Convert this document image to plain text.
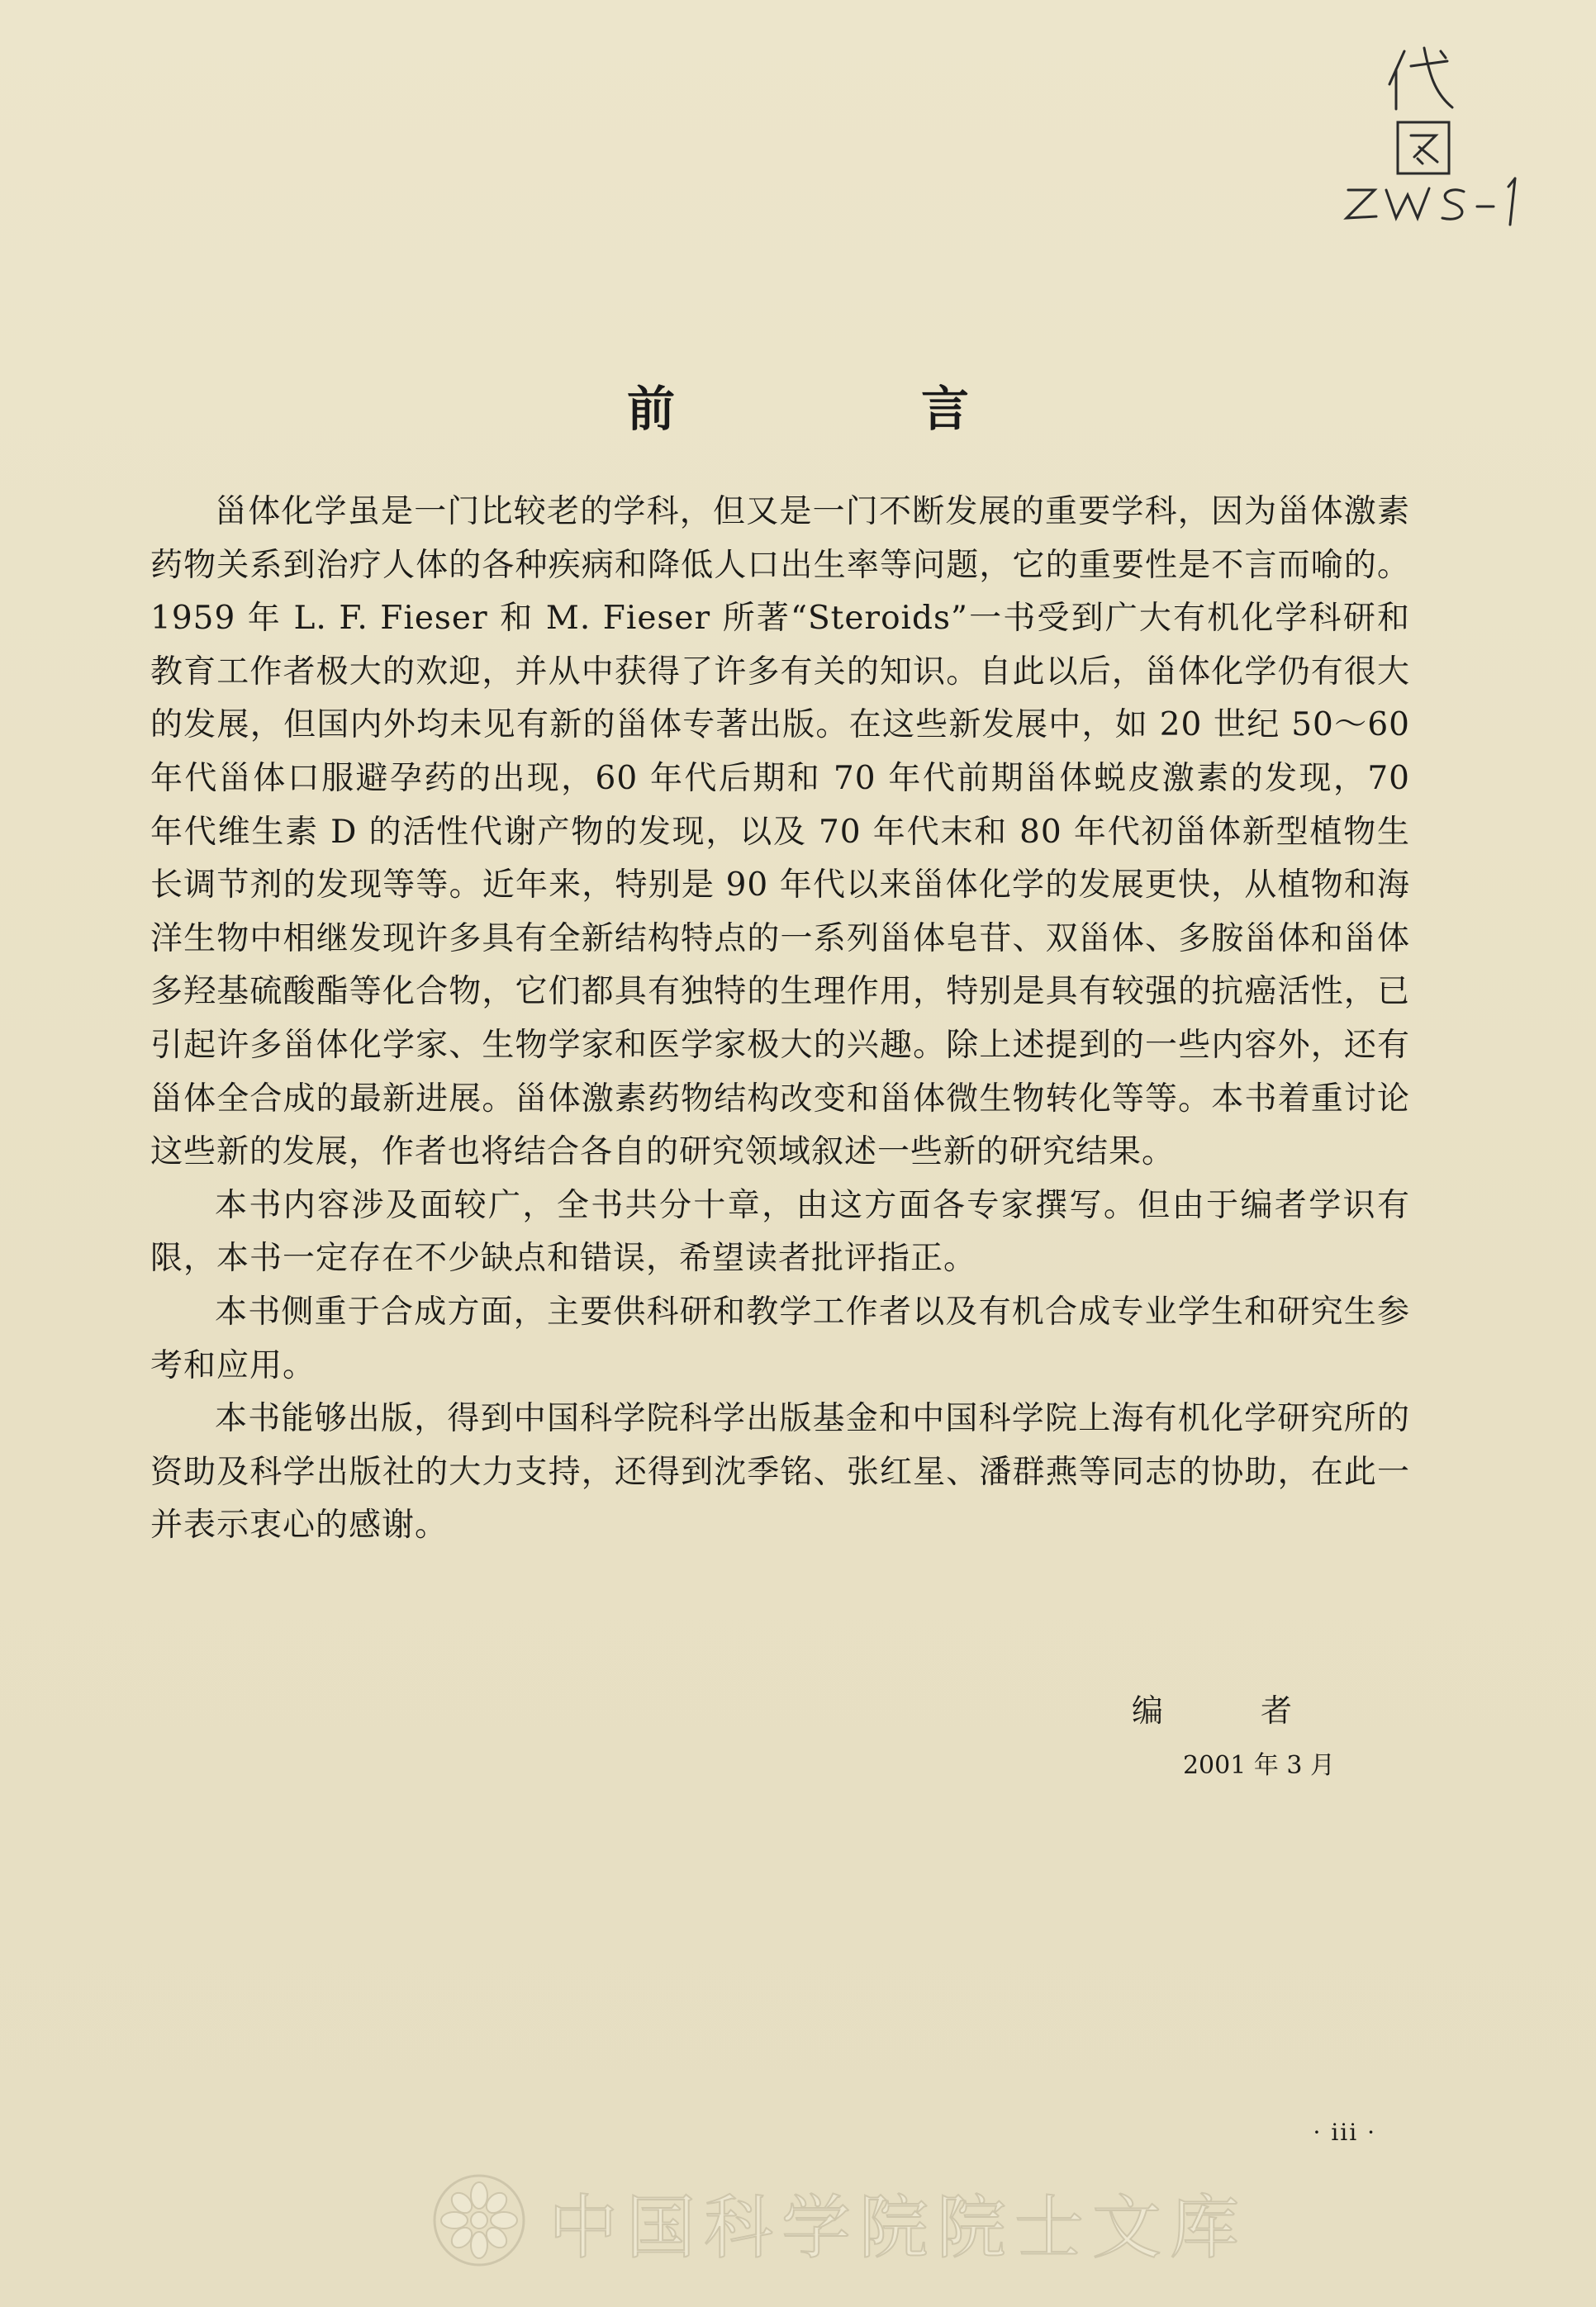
前　言

甾体化学虽是一门比较老的学科，但又是一门不断发展的重要学科，因为甾体激素药物关系到治疗人体的各种疾病和降低人口出生率等问题，它的重要性是不言而喻的。1959 年 L. F. Fieser 和 M. Fieser 所著“Steroids”一书受到广大有机化学科研和教育工作者极大的欢迎，并从中获得了许多有关的知识。自此以后，甾体化学仍有很大的发展，但国内外均未见有新的甾体专著出版。在这些新发展中，如 20 世纪 50～60 年代甾体口服避孕药的出现，60 年代后期和 70 年代前期甾体蜕皮激素的发现，70 年代维生素 D 的活性代谢产物的发现，以及 70 年代末和 80 年代初甾体新型植物生长调节剂的发现等等。近年来，特别是 90 年代以来甾体化学的发展更快，从植物和海洋生物中相继发现许多具有全新结构特点的一系列甾体皂苷、双甾体、多胺甾体和甾体多羟基硫酸酯等化合物，它们都具有独特的生理作用，特别是具有较强的抗癌活性，已引起许多甾体化学家、生物学家和医学家极大的兴趣。除上述提到的一些内容外，还有甾体全合成的最新进展。甾体激素药物结构改变和甾体微生物转化等等。本书着重讨论这些新的发展，作者也将结合各自的研究领域叙述一些新的研究结果。

本书内容涉及面较广，全书共分十章，由这方面各专家撰写。但由于编者学识有限，本书一定存在不少缺点和错误，希望读者批评指正。

本书侧重于合成方面，主要供科研和教学工作者以及有机合成专业学生和研究生参考和应用。

本书能够出版，得到中国科学院科学出版基金和中国科学院上海有机化学研究所的资助及科学出版社的大力支持，还得到沈季铭、张红星、潘群燕等同志的协助，在此一并表示衷心的感谢。

编　者
2001 年 3 月
· iii ·
中国科学院院士文库
